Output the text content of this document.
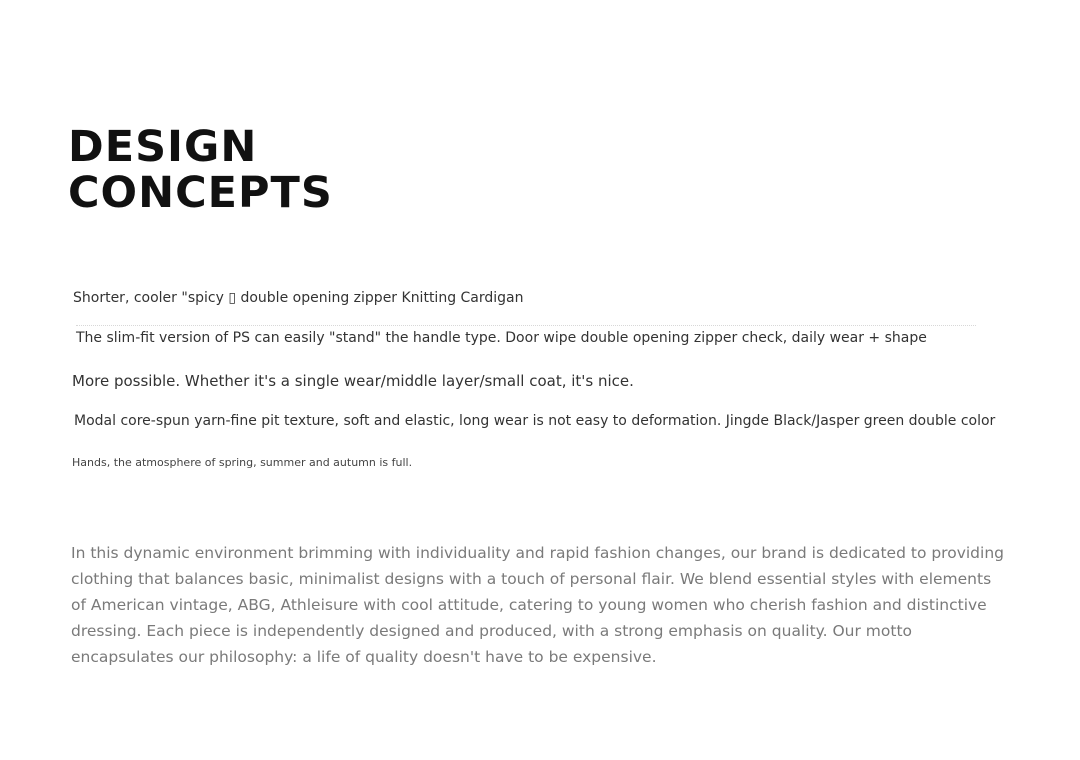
DESIGN
CONCEPTS

Shorter, cooler "spicy ▯ double opening zipper Knitting Cardigan

The slim-fit version of PS can easily "stand" the handle type. Door wipe double opening zipper check, daily wear + shape

More possible. Whether it's a single wear/middle layer/small coat, it's nice.

Modal core-spun yarn-fine pit texture, soft and elastic, long wear is not easy to deformation. Jingde Black/Jasper green double color

Hands, the atmosphere of spring, summer and autumn is full.

In this dynamic environment brimming with individuality and rapid fashion changes, our brand is dedicated to providing clothing that balances basic, minimalist designs with a touch of personal flair. We blend essential styles with elements of American vintage, ABG, Athleisure with cool attitude, catering to young women who cherish fashion and distinctive dressing. Each piece is independently designed and produced, with a strong emphasis on quality. Our motto encapsulates our philosophy: a life of quality doesn't have to be expensive.
